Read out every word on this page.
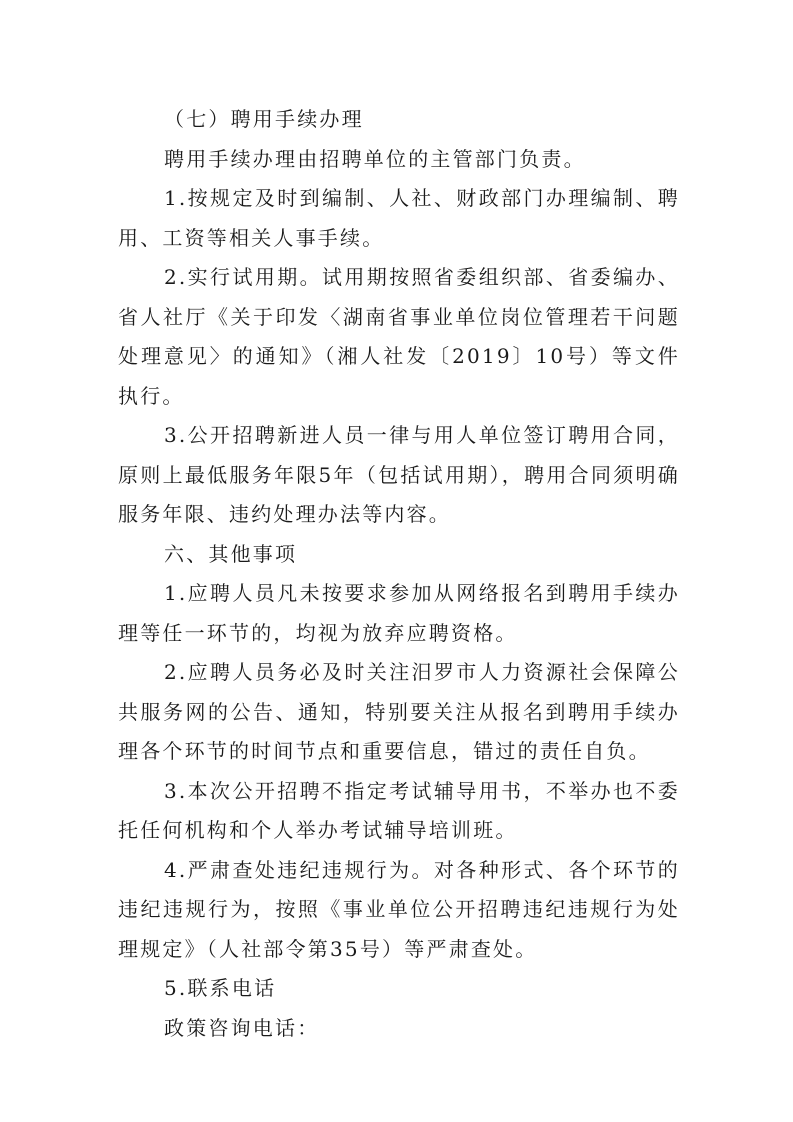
（七）聘用手续办理

聘用手续办理由招聘单位的主管部门负责。

1.按规定及时到编制、人社、财政部门办理编制、聘用、工资等相关人事手续。

2.实行试用期。试用期按照省委组织部、省委编办、省人社厅《关于印发〈湖南省事业单位岗位管理若干问题处理意见〉的通知》（湘人社发〔2019〕10号）等文件执行。

3.公开招聘新进人员一律与用人单位签订聘用合同，原则上最低服务年限5年（包括试用期），聘用合同须明确服务年限、违约处理办法等内容。

六、其他事项

1.应聘人员凡未按要求参加从网络报名到聘用手续办理等任一环节的，均视为放弃应聘资格。

2.应聘人员务必及时关注汨罗市人力资源社会保障公共服务网的公告、通知，特别要关注从报名到聘用手续办理各个环节的时间节点和重要信息，错过的责任自负。

3.本次公开招聘不指定考试辅导用书，不举办也不委托任何机构和个人举办考试辅导培训班。

4.严肃查处违纪违规行为。对各种形式、各个环节的违纪违规行为，按照《事业单位公开招聘违纪违规行为处理规定》（人社部令第35号）等严肃查处。

5.联系电话

政策咨询电话：
